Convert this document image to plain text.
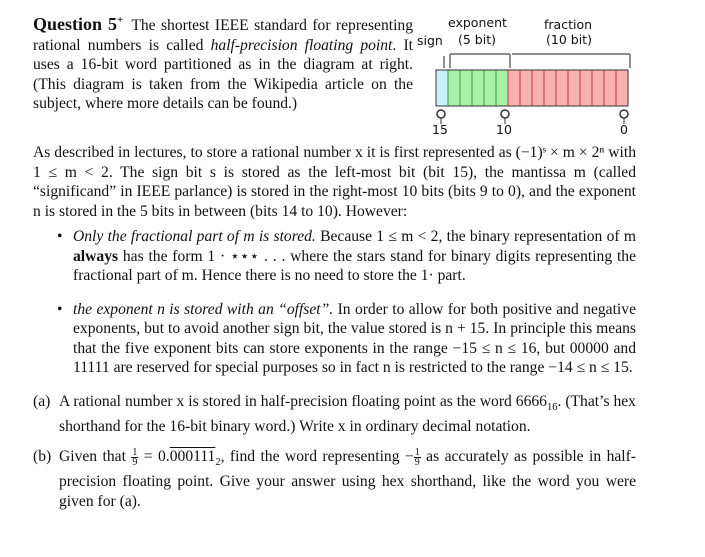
Question 5+ The shortest IEEE standard for representing rational numbers is called half-precision floating point. It uses a 16-bit word partitioned as in the diagram at right. (This diagram is taken from the Wikipedia article on the subject, where more details can be found.)
exponent
(5 bit)
fraction
(10 bit)
sign
15	10	0

As described in lectures, to store a rational number x it is first represented as (−1)ˢ × m × 2ⁿ with 1 ≤ m < 2. The sign bit s is stored as the left-most bit (bit 15), the mantissa m (called “significand” in IEEE parlance) is stored in the right-most 10 bits (bits 9 to 0), and the exponent n is stored in the 5 bits in between (bits 14 to 10). However:

• Only the fractional part of m is stored. Because 1 ≤ m < 2, the binary representation of m always has the form 1 · ⋆⋆⋆ . . . where the stars stand for binary digits representing the fractional part of m. Hence there is no need to store the 1· part.
• the exponent n is stored with an “offset”. In order to allow for both positive and negative exponents, but to avoid another sign bit, the value stored is n + 15. In principle this means that the five exponent bits can store exponents in the range −15 ≤ n ≤ 16, but 00000 and 11111 are reserved for special purposes so in fact n is restricted to the range −14 ≤ n ≤ 15.
(a) A rational number x is stored in half-precision floating point as the word $6666_{16}$. (That’s hex shorthand for the 16-bit binary word.) Write x in ordinary decimal notation.
(b) Given that $\frac{1}{9} = 0.000111_2$, find the word representing − $\frac{1}{9}$ as accurately as possible in half-precision floating point. Give your answer using hex shorthand, like the word you were given for (a).
